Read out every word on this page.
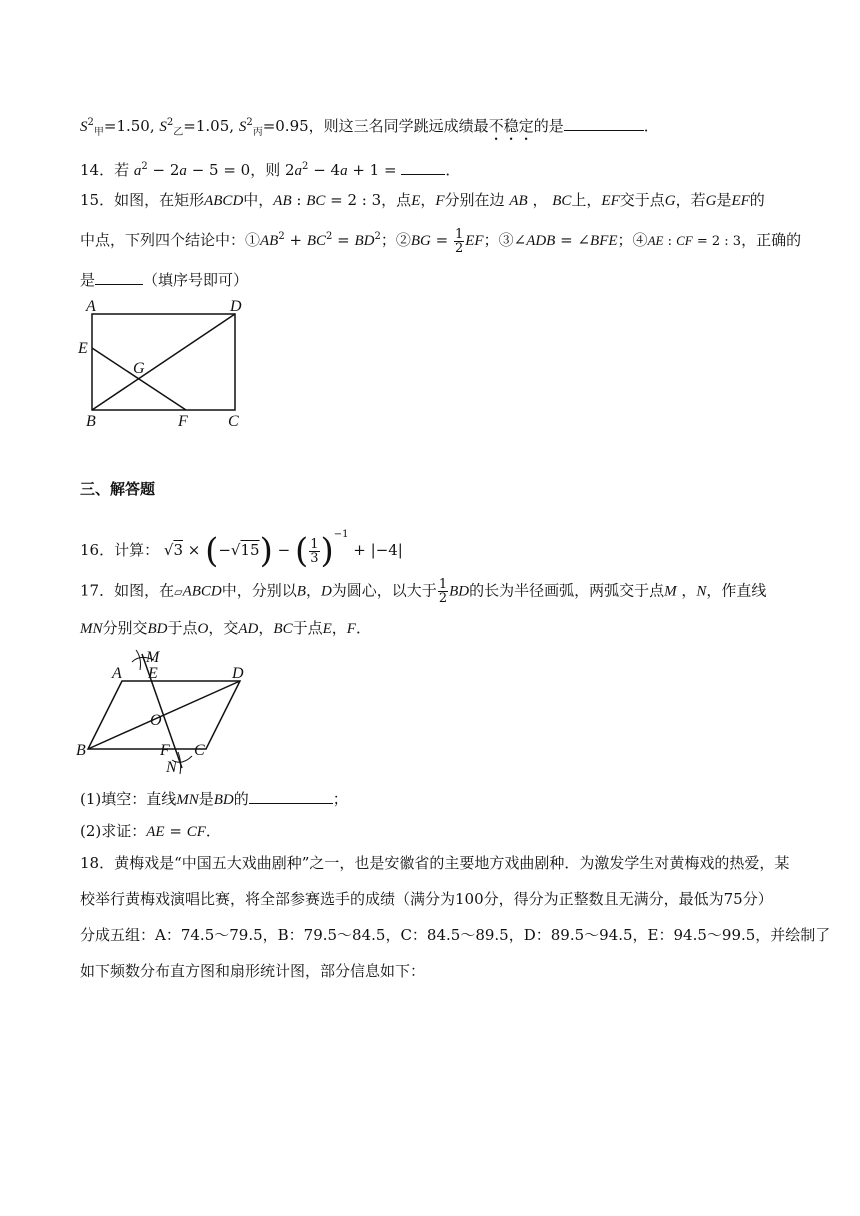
$S^2_甲=1.50$, $S^2_乙=1.05$, $S^2_丙=0.95$，则这三名同学跳远成绩最不稳定的是	．
14．若 $a^2 - 2a - 5 = 0$，则 $2a^2 - 4a + 1$ =	．
15．如图，在矩形ABCD中，AB : BC = 2 : 3，点E，F分别在边 AB ， BC上，EF交于点G，若G是EF的
中点，下列四个结论中：$①AB^2 + BC^2 = BD^2$；②BG = $\frac{1}{2}$ EF；③∠ADB = ∠BFE；④AE : CF = 2 : 3，正确的
是	（填序号即可）
A	D
E
G
B	F	C
三、解答题
16．计算： √3 × (−√15) − ( $\frac{1}{3} )^{-1} + |-4|$
17．如图，在▱ABCD中，分别以B，D为圆心，以大于 $\frac{1}{2}$ BD的长为半径画弧，两弧交于点M ，N，作直线
MN分别交BD于点O，交AD，BC于点E，F．
M
A E	D
O
B	F C
N
(1)填空：直线MN是BD的	；
(2)求证：AE = CF．
18．黄梅戏是“中国五大戏曲剧种”之一，也是安徽省的主要地方戏曲剧种．为激发学生对黄梅戏的热爱，某
校举行黄梅戏演唱比赛，将全部参赛选手的成绩（满分为100分，得分为正整数且无满分，最低为75分）
分成五组：A：74.5～79.5，B：79.5～84.5，C：84.5～89.5，D：89.5～94.5，E：94.5～99.5，并绘制了
如下频数分布直方图和扇形统计图，部分信息如下：
